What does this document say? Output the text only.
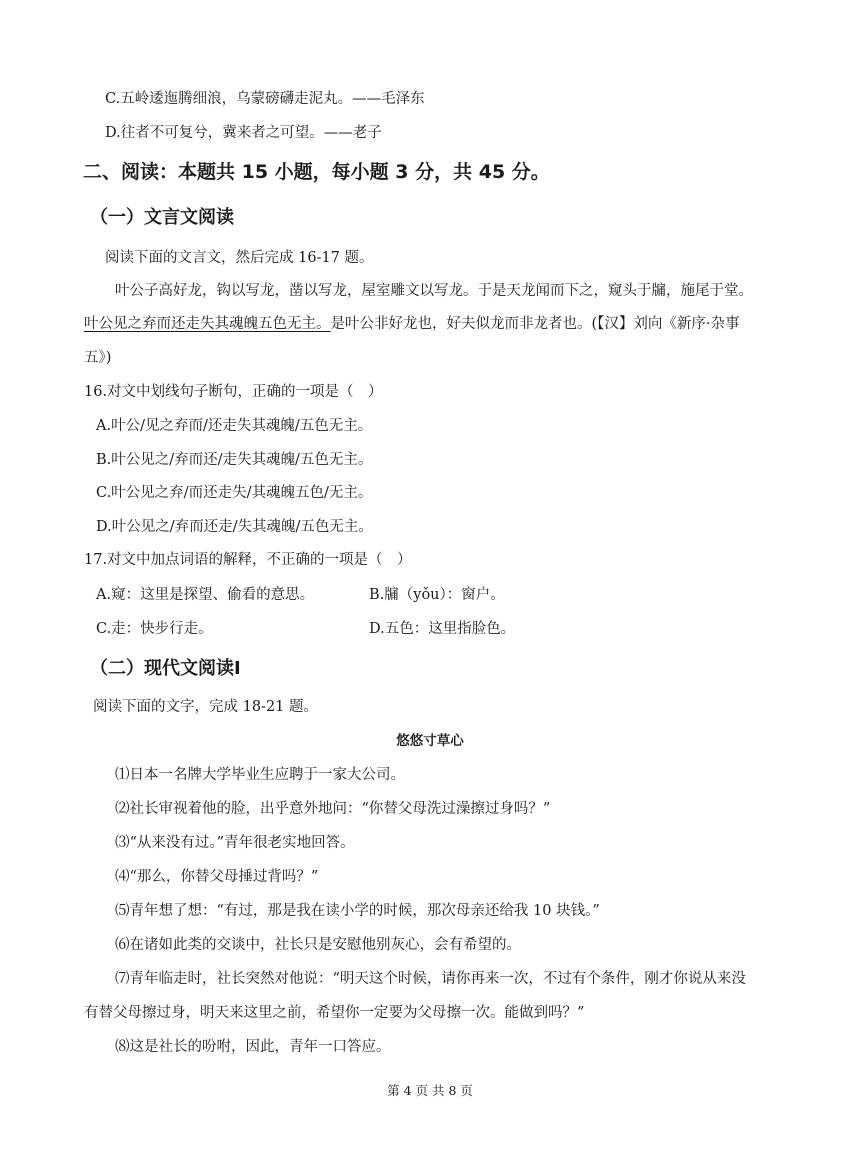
C.五岭逶迤腾细浪，乌蒙磅礴走泥丸。——毛泽东
D.往者不可复兮，冀来者之可望。——老子
二、阅读：本题共 15 小题，每小题 3 分，共 45 分。
（一）文言文阅读
阅读下面的文言文，然后完成 16-17 题。
叶公子高好龙，钩以写龙，凿以写龙，屋室雕文以写龙。于是天龙闻而下之，窥头于牖，施尾于堂。
叶公见之弃而还走失其魂魄五色无主。是叶公非好龙也，好夫似龙而非龙者也。(【汉】刘向《新序·杂事
五》)
16.对文中划线句子断句，正确的一项是（　）
A.叶公/见之弃而/还走失其魂魄/五色无主。
B.叶公见之/弃而还/走失其魂魄/五色无主。
C.叶公见之弃/而还走失/其魂魄五色/无主。
D.叶公见之/弃而还走/失其魂魄/五色无主。
17.对文中加点词语的解释，不正确的一项是（　）
A.窥：这里是探望、偷看的意思。	B.牖（yǒu）：窗户。
C.走：快步行走。	D.五色：这里指脸色。
（二）现代文阅读Ⅰ
阅读下面的文字，完成 18-21 题。
悠悠寸草心
⑴日本一名牌大学毕业生应聘于一家大公司。
⑵社长审视着他的脸，出乎意外地问：“你替父母洗过澡擦过身吗？”
⑶“从来没有过。”青年很老实地回答。
⑷“那么，你替父母捶过背吗？”
⑸青年想了想：“有过，那是我在读小学的时候，那次母亲还给我 10 块钱。”
⑹在诸如此类的交谈中，社长只是安慰他别灰心，会有希望的。
⑺青年临走时，社长突然对他说：“明天这个时候，请你再来一次，不过有个条件，刚才你说从来没
有替父母擦过身，明天来这里之前，希望你一定要为父母擦一次。能做到吗？”
⑻这是社长的吩咐，因此，青年一口答应。
第 4 页 共 8 页
